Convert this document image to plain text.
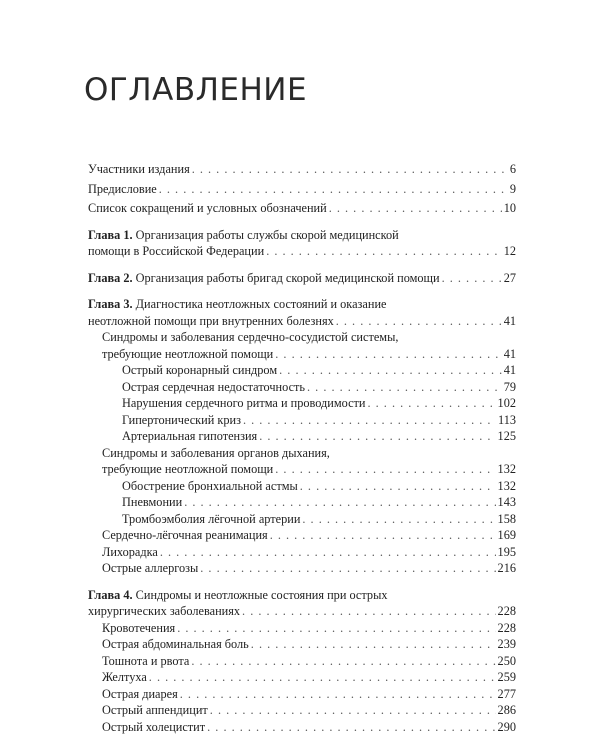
ОГЛАВЛЕНИЕ
Участники издания . . .	6
Предисловие . . .	9
Список сокращений и условных обозначений . . .	10
Глава 1.
Организация работы службы скорой медицинской
помощи в Российской Федерации . . .	12
Глава 2.
Организация работы бригад скорой медицинской помощи . . .	27
Глава 3.
Диагностика неотложных состояний и оказание
неотложной помощи при внутренних болезнях . . .	41
Синдромы и заболевания сердечно-сосудистой системы,
требующие неотложной помощи . . .	41
Острый коронарный синдром . . .	41
Острая сердечная недостаточность . . .	79
Нарушения сердечного ритма и проводимости . . .	102
Гипертонический криз . . .	113
Артериальная гипотензия . . .	125
Синдромы и заболевания органов дыхания,
требующие неотложной помощи . . .	132
Обострение бронхиальной астмы . . .	132
Пневмонии . . .	143
Тромбоэмболия лёгочной артерии . . .	158
Сердечно-лёгочная реанимация . . .	169
Лихорадка . . .	195
Острые аллергозы . . .	216
Глава 4.
Синдромы и неотложные состояния при острых
хирургических заболеваниях . . .	228
Кровотечения . . .	228
Острая абдоминальная боль . . .	239
Тошнота и рвота . . .	250
Желтуха . . .	259
Острая диарея . . .	277
Острый аппендицит . . .	286
Острый холецистит . . .	290
